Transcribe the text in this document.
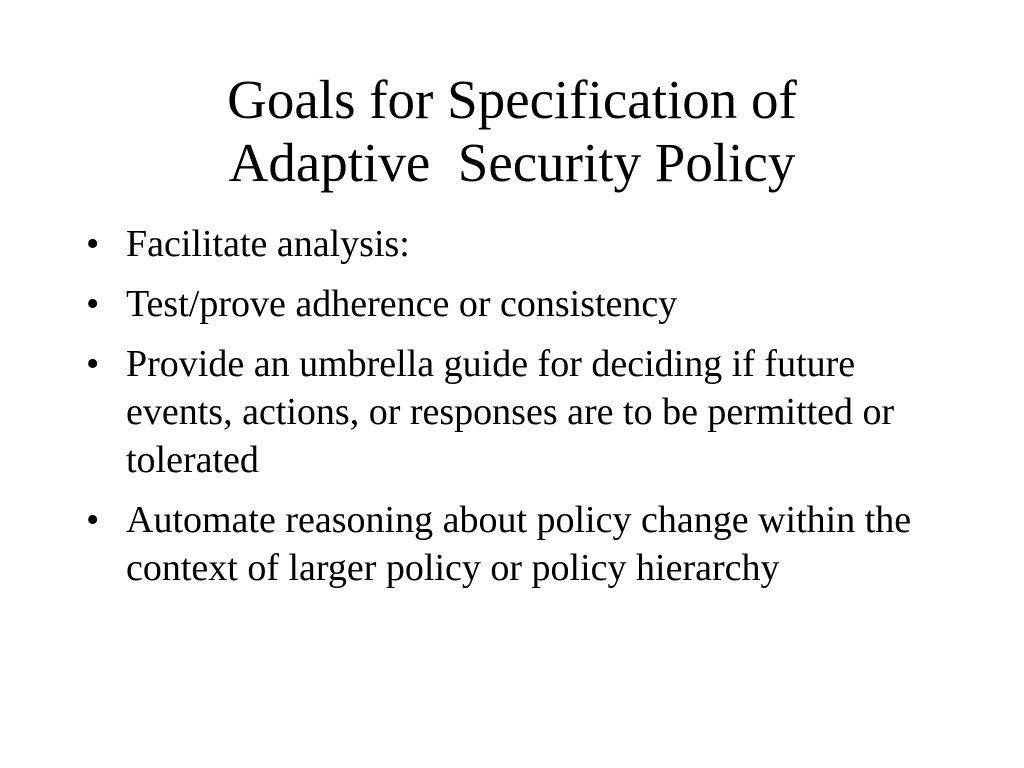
Goals for Specification of
Adaptive  Security Policy
• Facilitate analysis:
• Test/prove adherence or consistency
• Provide an umbrella guide for deciding if future events, actions, or responses are to be permitted or tolerated
• Automate reasoning about policy change within the context of larger policy or policy hierarchy
